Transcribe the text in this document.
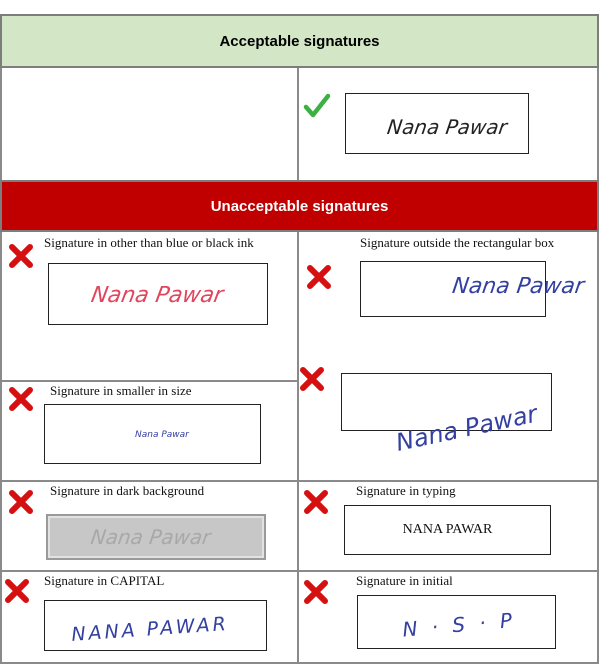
Acceptable signatures
Nana Pawar
Unacceptable signatures
Signature in other than blue or black ink
Nana Pawar
Signature outside the rectangular box
Nana Pawar
Signature in smaller in size
Nana Pawar	Nana Pawar
Signature in dark background
Nana Pawar
Signature in typing
NANA PAWAR
Signature in CAPITAL
NANA PAWAR
Signature in initial
N · S · P
